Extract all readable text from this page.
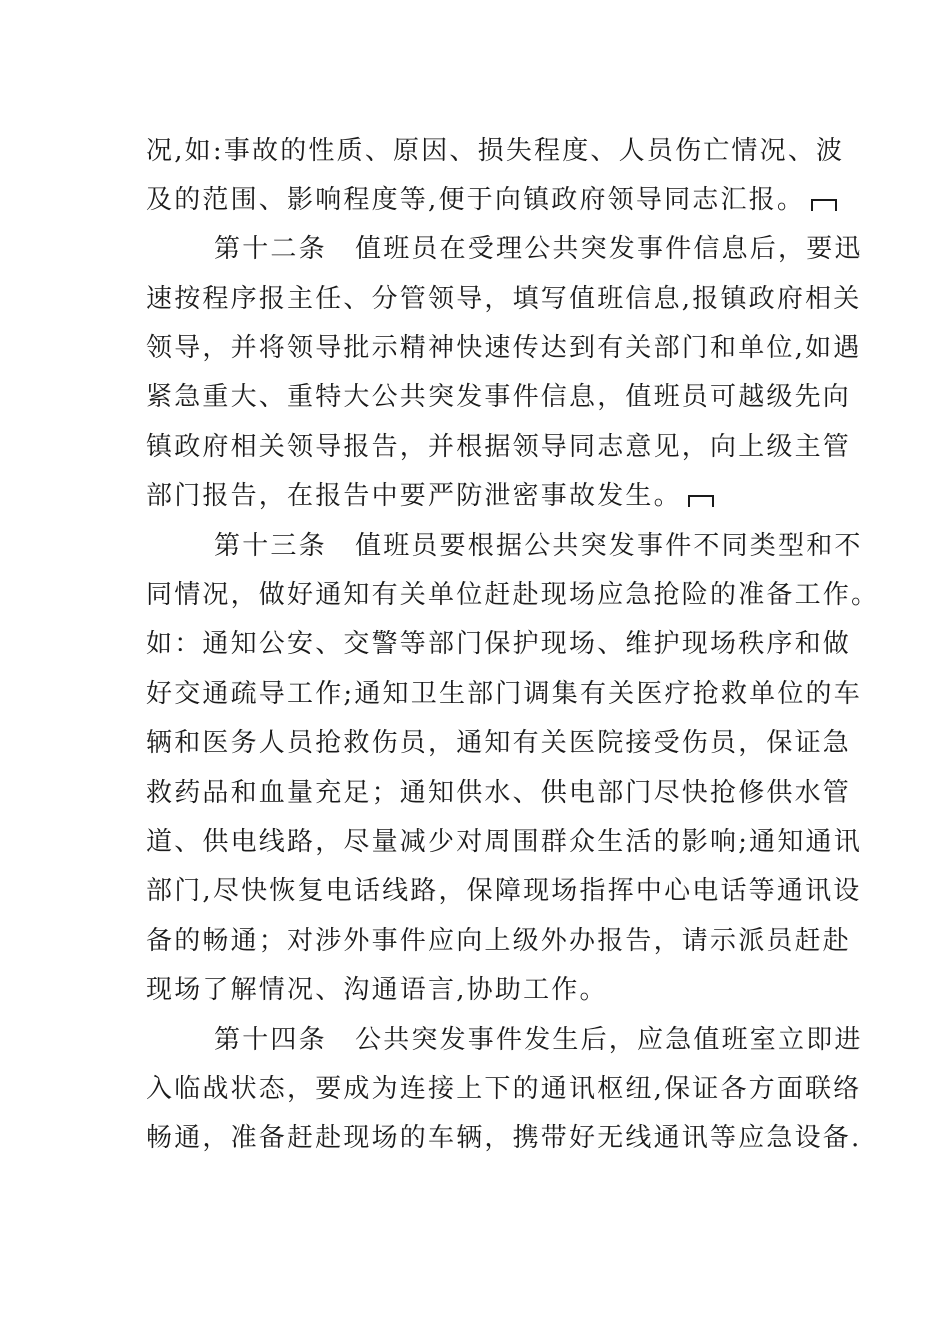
况,如:事故的性质、原因、损失程度、人员伤亡情况、波
及的范围、影响程度等,便于向镇政府领导同志汇报。
第十二条　值班员在受理公共突发事件信息后，要迅
速按程序报主任、分管领导，填写值班信息,报镇政府相关
领导，并将领导批示精神快速传达到有关部门和单位,如遇
紧急重大、重特大公共突发事件信息，值班员可越级先向
镇政府相关领导报告，并根据领导同志意见，向上级主管
部门报告，在报告中要严防泄密事故发生。
第十三条　值班员要根据公共突发事件不同类型和不
同情况，做好通知有关单位赶赴现场应急抢险的准备工作。
如：通知公安、交警等部门保护现场、维护现场秩序和做
好交通疏导工作;通知卫生部门调集有关医疗抢救单位的车
辆和医务人员抢救伤员，通知有关医院接受伤员，保证急
救药品和血量充足；通知供水、供电部门尽快抢修供水管
道、供电线路，尽量减少对周围群众生活的影响;通知通讯
部门,尽快恢复电话线路，保障现场指挥中心电话等通讯设
备的畅通；对涉外事件应向上级外办报告，请示派员赶赴
现场了解情况、沟通语言,协助工作。
第十四条　公共突发事件发生后，应急值班室立即进
入临战状态，要成为连接上下的通讯枢纽,保证各方面联络
畅通，准备赶赴现场的车辆，携带好无线通讯等应急设备.
